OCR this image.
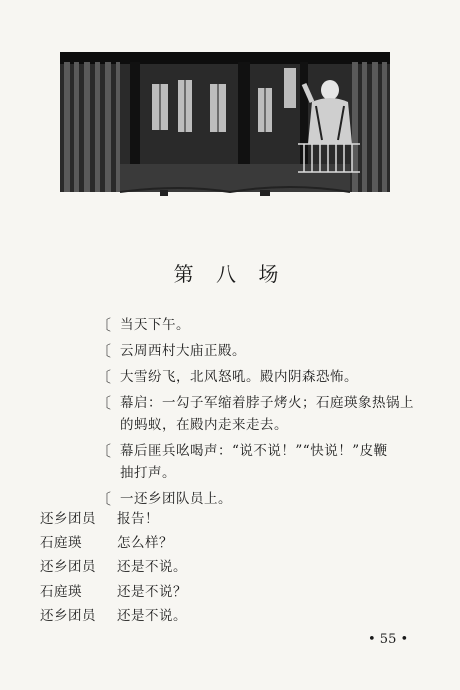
第 八 场
〔 当天下午。
〔 云周西村大庙正殿。
〔 大雪纷飞，北风怒吼。殿内阴森恐怖。
〔 幕启：一勾子军缩着脖子烤火；石庭瑛象热锅上
的蚂蚁，在殿内走来走去。
〔 幕后匪兵吆喝声：“说不说！”“快说！”皮鞭
抽打声。
〔 一还乡团队员上。
还乡团员	报告！
石庭瑛	怎么样？
还乡团员	还是不说。
石庭瑛	还是不说？
还乡团员	还是不说。
• 55 •
